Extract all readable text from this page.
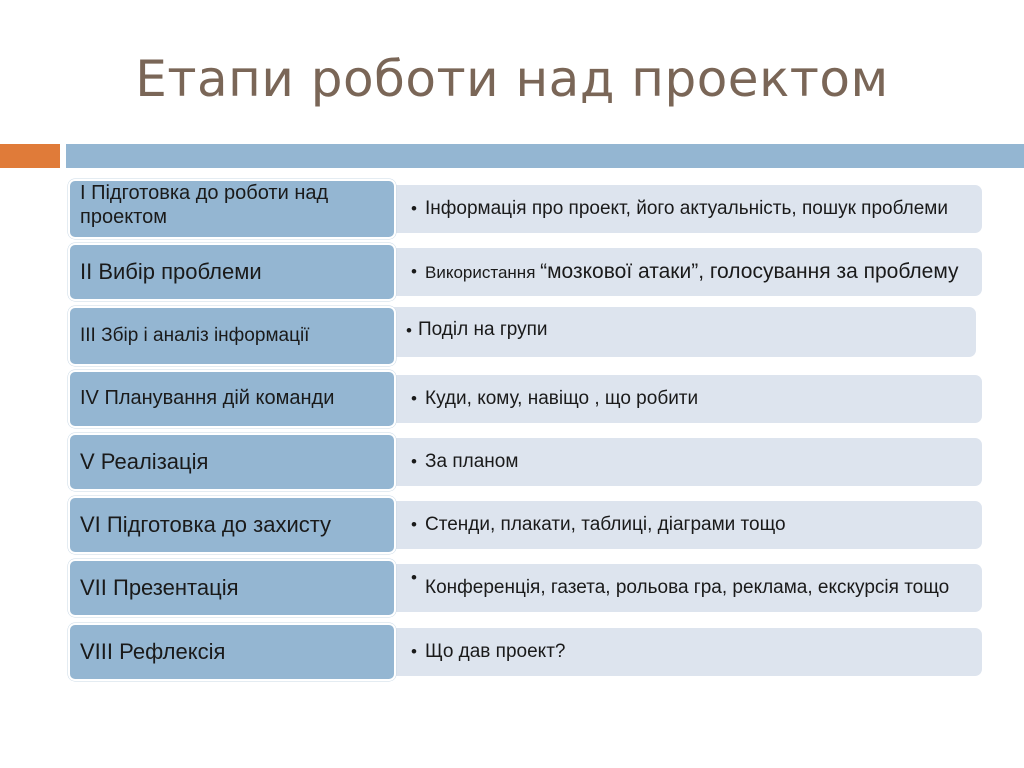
Етапи роботи над проектом
• Інформація про проект, його актуальність, пошук проблеми
I Підготовка до роботи над проектом
• Використання “мозкової атаки”, голосування за проблему
II Вибір проблеми
• Поділ на групи
III Збір і аналіз інформації
• Куди, кому, навіщо , що робити
IV Планування дій команди
• За планом
V Реалізація
• Стенди, плакати, таблиці, діаграми тощо
VI Підготовка до захисту
• Конференція, газета, рольова гра, реклама, екскурсія тощо
VII Презентація
• Що дав проект?
VIII Рефлексія
